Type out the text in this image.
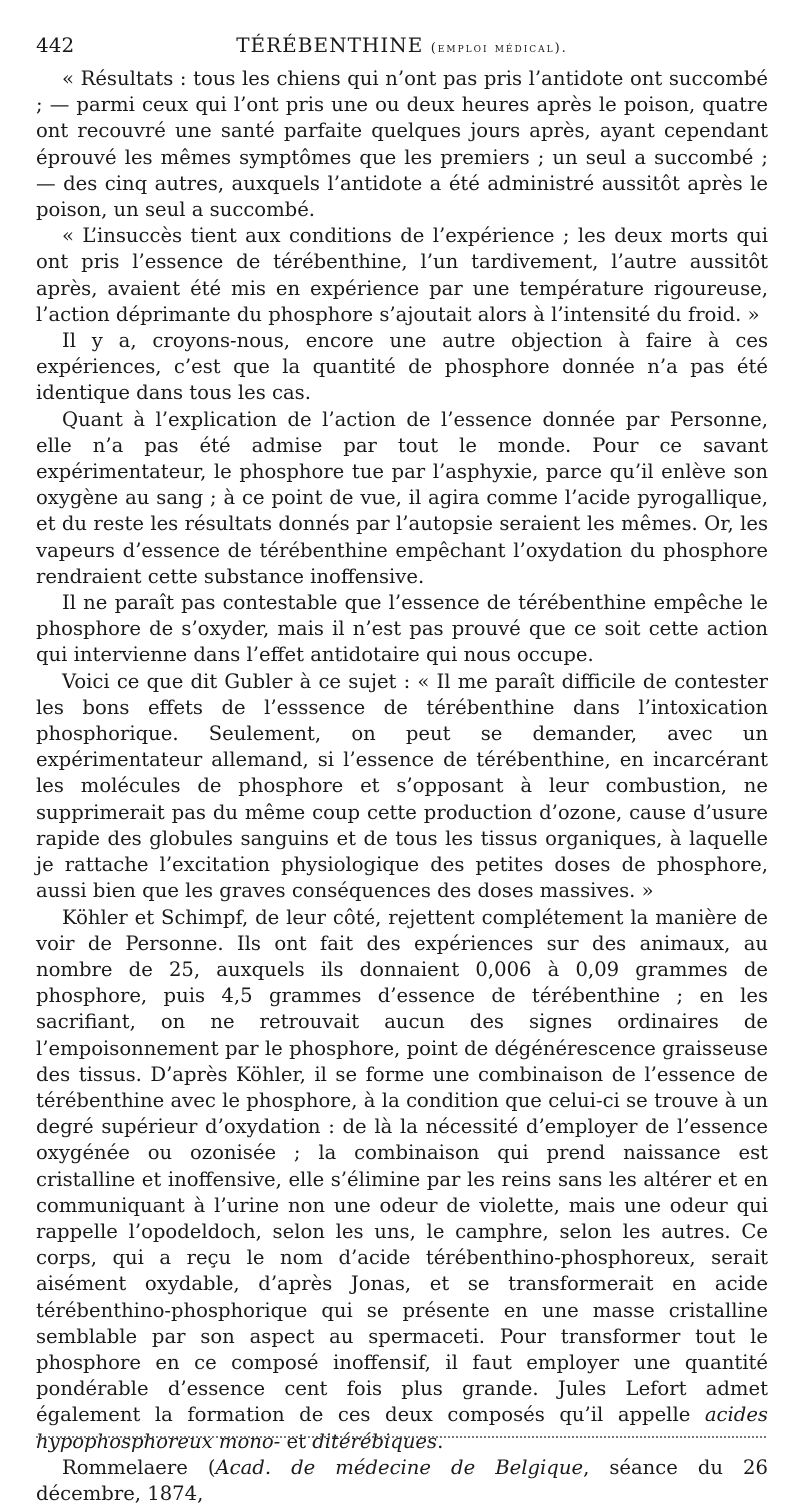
442	TÉRÉBENTHINE (emploi médical).

« Résultats : tous les chiens qui n’ont pas pris l’antidote ont succombé ; — parmi ceux qui l’ont pris une ou deux heures après le poison, quatre ont recouvré une santé parfaite quelques jours après, ayant cependant éprouvé les mêmes symptômes que les premiers ; un seul a succombé ; — des cinq autres, auxquels l’antidote a été administré aussitôt après le poison, un seul a succombé.

« L’insuccès tient aux conditions de l’expérience ; les deux morts qui ont pris l’essence de térébenthine, l’un tardivement, l’autre aussitôt après, avaient été mis en expérience par une température rigoureuse, l’action déprimante du phosphore s’ajoutait alors à l’intensité du froid. »

Il y a, croyons-nous, encore une autre objection à faire à ces expériences, c’est que la quantité de phosphore donnée n’a pas été identique dans tous les cas.

Quant à l’explication de l’action de l’essence donnée par Personne, elle n’a pas été admise par tout le monde. Pour ce savant expérimentateur, le phosphore tue par l’asphyxie, parce qu’il enlève son oxygène au sang ; à ce point de vue, il agira comme l’acide pyrogallique, et du reste les résultats donnés par l’autopsie seraient les mêmes. Or, les vapeurs d’essence de térébenthine empêchant l’oxydation du phosphore rendraient cette substance inoffensive.

Il ne paraît pas contestable que l’essence de térébenthine empêche le phosphore de s’oxyder, mais il n’est pas prouvé que ce soit cette action qui intervienne dans l’effet antidotaire qui nous occupe.

Voici ce que dit Gubler à ce sujet : « Il me paraît difficile de contester les bons effets de l’esssence de térébenthine dans l’intoxication phosphorique. Seulement, on peut se demander, avec un expérimentateur allemand, si l’essence de térébenthine, en incarcérant les molécules de phosphore et s’opposant à leur combustion, ne supprimerait pas du même coup cette production d’ozone, cause d’usure rapide des globules sanguins et de tous les tissus organiques, à laquelle je rattache l’excitation physiologique des petites doses de phosphore, aussi bien que les graves conséquences des doses massives. »

Köhler et Schimpf, de leur côté, rejettent complétement la manière de voir de Personne. Ils ont fait des expériences sur des animaux, au nombre de 25, auxquels ils donnaient 0,006 à 0,09 grammes de phosphore, puis 4,5 grammes d’essence de térébenthine ; en les sacrifiant, on ne retrouvait aucun des signes ordinaires de l’empoisonnement par le phosphore, point de dégénérescence graisseuse des tissus. D’après Köhler, il se forme une combinaison de l’essence de térébenthine avec le phosphore, à la condition que celui-ci se trouve à un degré supérieur d’oxydation : de là la nécessité d’employer de l’essence oxygénée ou ozonisée ; la combinaison qui prend naissance est cristalline et inoffensive, elle s’élimine par les reins sans les altérer et en communiquant à l’urine non une odeur de violette, mais une odeur qui rappelle l’opodeldoch, selon les uns, le camphre, selon les autres. Ce corps, qui a reçu le nom d’acide térébenthino-phosphoreux, serait aisément oxydable, d’après Jonas, et se transformerait en acide térébenthino-phosphorique qui se présente en une masse cristalline semblable par son aspect au spermaceti. Pour transformer tout le phosphore en ce composé inoffensif, il faut employer une quantité pondérable d’essence cent fois plus grande. Jules Lefort admet également la formation de ces deux composés qu’il appelle acides hypophosphoreux mono- et ditérébiques.

Rommelaere (Acad. de médecine de Belgique, séance du 26 décembre, 1874,
